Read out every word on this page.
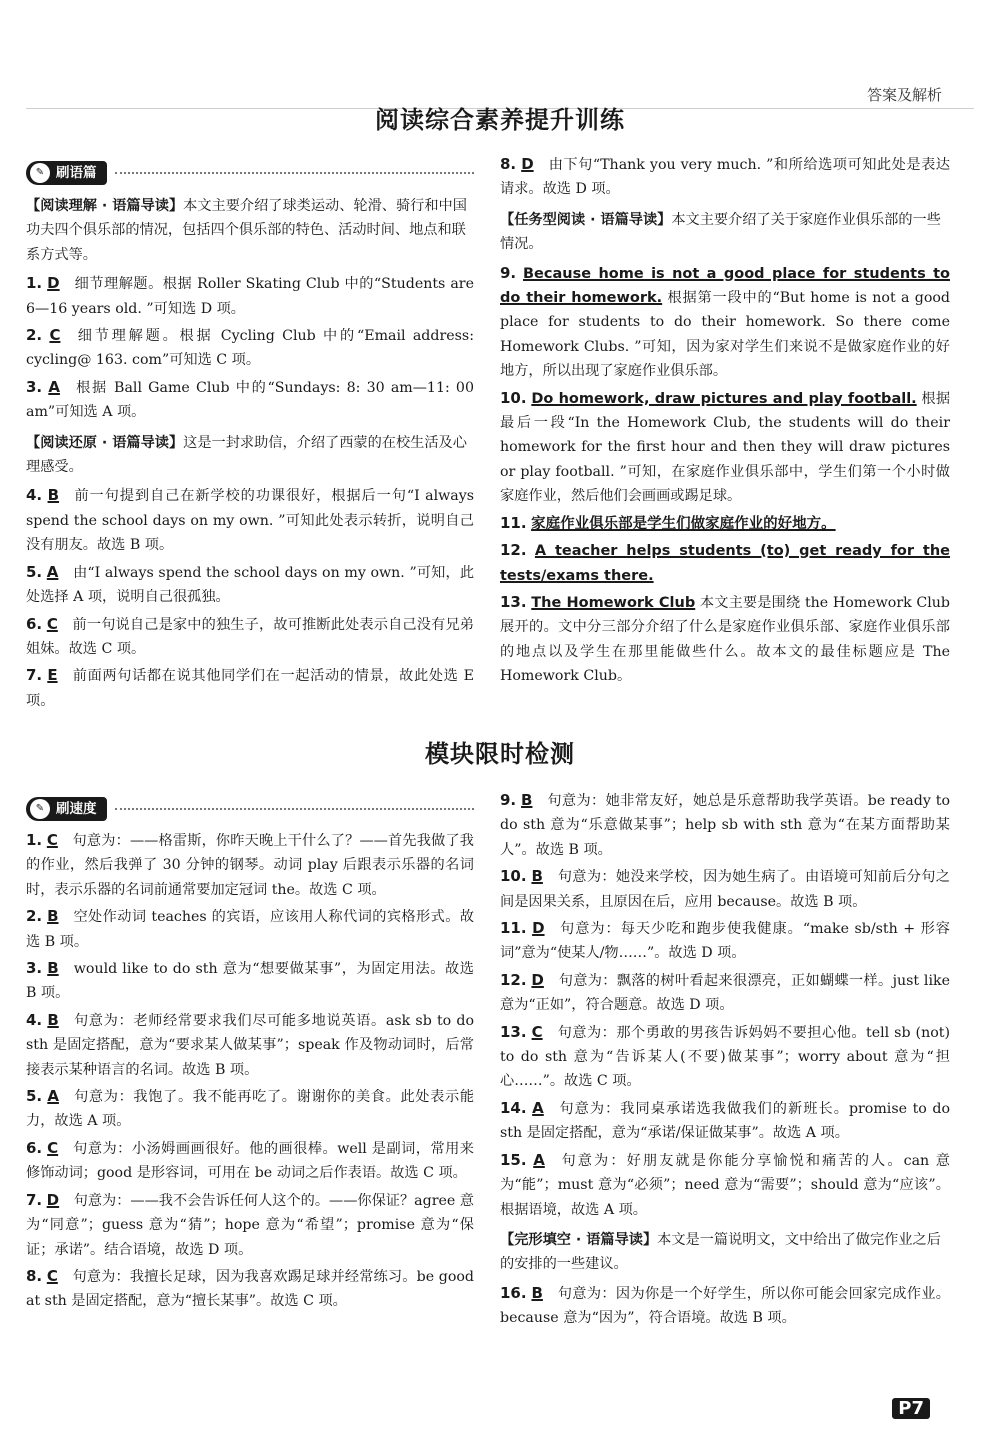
答案及解析
阅读综合素养提升训练
✎ 刷语篇
【阅读理解 · 语篇导读】本文主要介绍了球类运动、轮滑、骑行和中国功夫四个俱乐部的情况，包括四个俱乐部的特色、活动时间、地点和联系方式等。
1. D 细节理解题。根据 Roller Skating Club 中的“Students are 6—16 years old. ”可知选 D 项。
2. C 细节理解题。根据 Cycling Club 中的“Email address: cycling@ 163. com”可知选 C 项。
3. A 根据 Ball Game Club 中的“Sundays: 8: 30 am—11: 00 am”可知选 A 项。
【阅读还原 · 语篇导读】这是一封求助信，介绍了西蒙的在校生活及心理感受。
4. B 前一句提到自己在新学校的功课很好，根据后一句“I always spend the school days on my own. ”可知此处表示转折，说明自己没有朋友。故选 B 项。
5. A 由“I always spend the school days on my own. ”可知，此处选择 A 项，说明自己很孤独。
6. C 前一句说自己是家中的独生子，故可推断此处表示自己没有兄弟姐妹。故选 C 项。
7. E 前面两句话都在说其他同学们在一起活动的情景，故此处选 E 项。
8. D 由下句“Thank you very much. ”和所给选项可知此处是表达请求。故选 D 项。
【任务型阅读 · 语篇导读】本文主要介绍了关于家庭作业俱乐部的一些情况。
9. Because home is not a good place for students to do their homework. 根据第一段中的“But home is not a good place for students to do their homework. So there come Homework Clubs. ”可知，因为家对学生们来说不是做家庭作业的好地方，所以出现了家庭作业俱乐部。
10. Do homework, draw pictures and play football. 根据最后一段“In the Homework Club, the students will do their homework for the first hour and then they will draw pictures or play football. ”可知，在家庭作业俱乐部中，学生们第一个小时做家庭作业，然后他们会画画或踢足球。
11. 家庭作业俱乐部是学生们做家庭作业的好地方。
12. A teacher helps students (to) get ready for the tests/exams there.
13. The Homework Club 本文主要是围绕 the Homework Club 展开的。文中分三部分介绍了什么是家庭作业俱乐部、家庭作业俱乐部的地点以及学生在那里能做些什么。故本文的最佳标题应是 The Homework Club。
模块限时检测
✎ 刷速度
1. C 句意为：——格雷斯，你昨天晚上干什么了？——首先我做了我的作业，然后我弹了 30 分钟的钢琴。动词 play 后跟表示乐器的名词时，表示乐器的名词前通常要加定冠词 the。故选 C 项。
2. B 空处作动词 teaches 的宾语，应该用人称代词的宾格形式。故选 B 项。
3. B would like to do sth 意为“想要做某事”，为固定用法。故选 B 项。
4. B 句意为：老师经常要求我们尽可能多地说英语。ask sb to do sth 是固定搭配，意为“要求某人做某事”；speak 作及物动词时，后常接表示某种语言的名词。故选 B 项。
5. A 句意为：我饱了。我不能再吃了。谢谢你的美食。此处表示能力，故选 A 项。
6. C 句意为：小汤姆画画很好。他的画很棒。well 是副词，常用来修饰动词；good 是形容词，可用在 be 动词之后作表语。故选 C 项。
7. D 句意为：——我不会告诉任何人这个的。——你保证？agree 意为“同意”；guess 意为“猜”；hope 意为“希望”；promise 意为“保证；承诺”。结合语境，故选 D 项。
8. C 句意为：我擅长足球，因为我喜欢踢足球并经常练习。be good at sth 是固定搭配，意为“擅长某事”。故选 C 项。
9. B 句意为：她非常友好，她总是乐意帮助我学英语。be ready to do sth 意为“乐意做某事”；help sb with sth 意为“在某方面帮助某人”。故选 B 项。
10. B 句意为：她没来学校，因为她生病了。由语境可知前后分句之间是因果关系，且原因在后，应用 because。故选 B 项。
11. D 句意为：每天少吃和跑步使我健康。“make sb/sth + 形容词”意为“使某人/物……”。故选 D 项。
12. D 句意为：飘落的树叶看起来很漂亮，正如蝴蝶一样。just like 意为“正如”，符合题意。故选 D 项。
13. C 句意为：那个勇敢的男孩告诉妈妈不要担心他。tell sb (not) to do sth 意为“告诉某人(不要)做某事”；worry about 意为“担心……”。故选 C 项。
14. A 句意为：我同桌承诺选我做我们的新班长。promise to do sth 是固定搭配，意为“承诺/保证做某事”。故选 A 项。
15. A 句意为：好朋友就是你能分享愉悦和痛苦的人。can 意为“能”；must 意为“必须”；need 意为“需要”；should 意为“应该”。根据语境，故选 A 项。
【完形填空 · 语篇导读】本文是一篇说明文，文中给出了做完作业之后的安排的一些建议。
16. B 句意为：因为你是一个好学生，所以你可能会回家完成作业。because 意为“因为”，符合语境。故选 B 项。
P7
